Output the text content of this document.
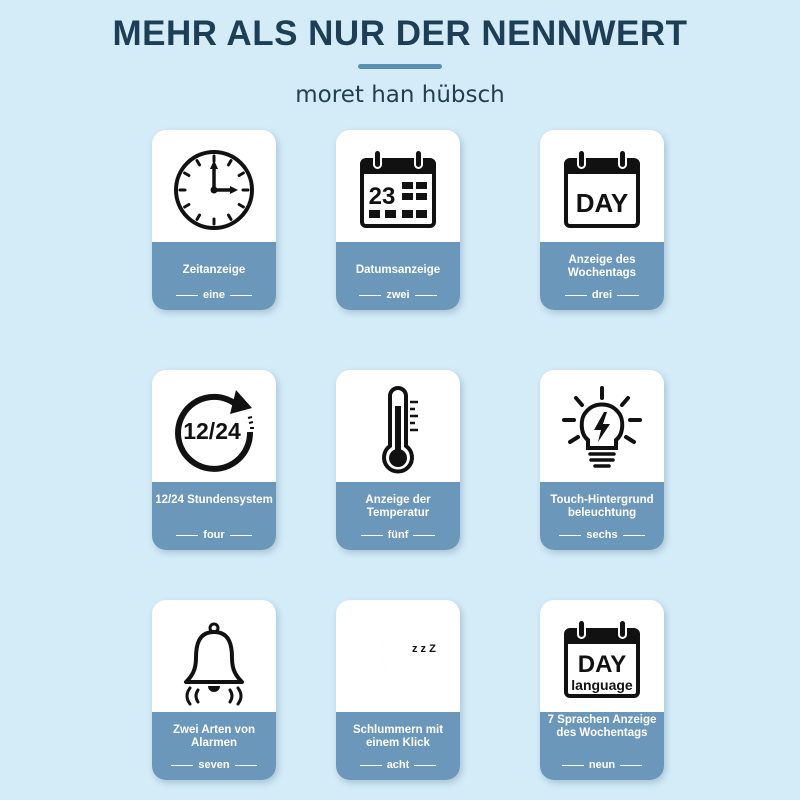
MEHR ALS NUR DER NENNWERT
moret han hübsch
Zeitanzeige
eine
23
Datumsanzeige
zwei
DAY
Anzeige des Wochentags
drei
12/24
12/24 Stundensystem
four
Anzeige der Temperatur
fünf
Touch-Hintergrund beleuchtung
sechs
Zwei Arten von Alarmen
seven
z z Z
Schlummern mit einem Klick
acht
DAY
language
7 Sprachen Anzeige des Wochentags
neun
